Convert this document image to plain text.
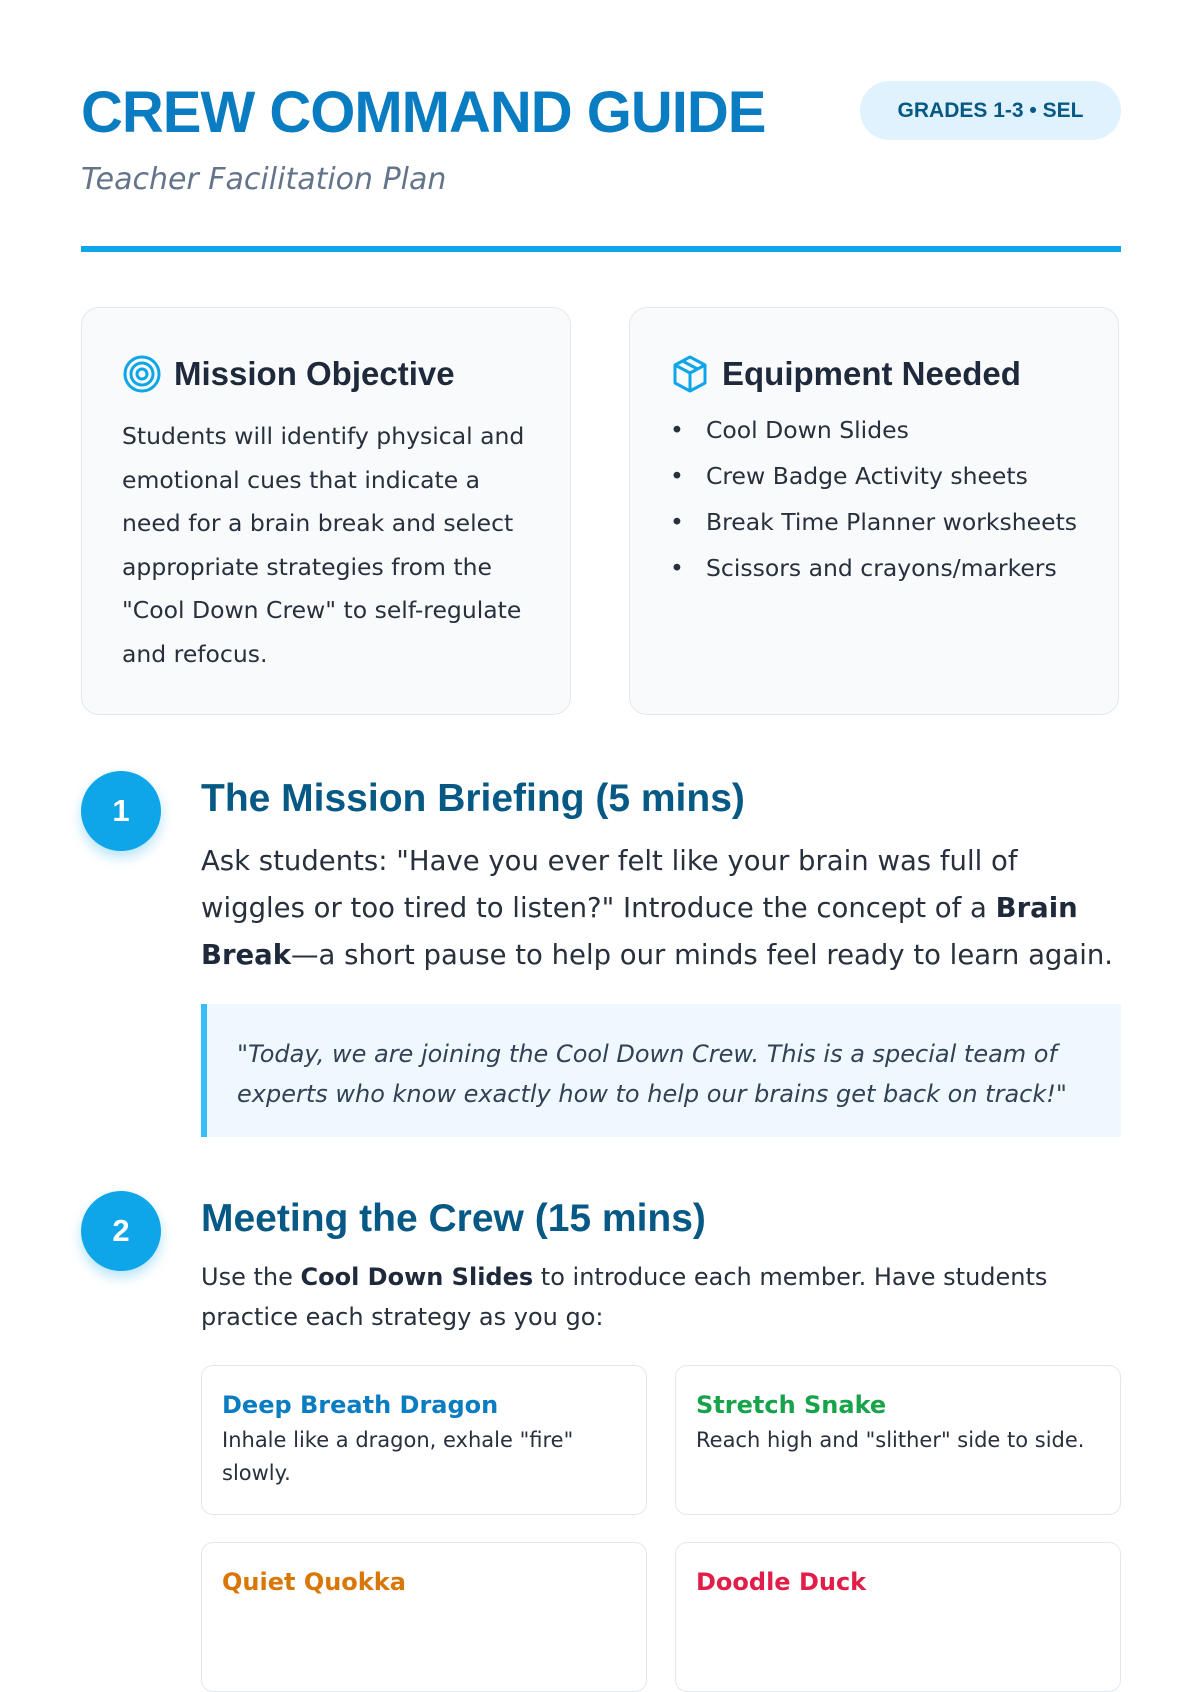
CREW COMMAND GUIDE
Teacher Facilitation Plan
GRADES 1-3 • SEL
Mission Objective
Students will identify physical and emotional cues that indicate a need for a brain break and select appropriate strategies from the "Cool Down Crew" to self-regulate and refocus.
Equipment Needed
• Cool Down Slides
• Crew Badge Activity sheets
• Break Time Planner worksheets
• Scissors and crayons/markers
1	The Mission Briefing (5 mins)
Ask students: "Have you ever felt like your brain was full of wiggles or too tired to listen?" Introduce the concept of a Brain Break—a short pause to help our minds feel ready to learn again.
"Today, we are joining the Cool Down Crew. This is a special team of experts who know exactly how to help our brains get back on track!"
2	Meeting the Crew (15 mins)
Use the Cool Down Slides to introduce each member. Have students practice each strategy as you go:
Deep Breath Dragon
Inhale like a dragon, exhale "fire" slowly.
Stretch Snake
Reach high and "slither" side to side.
Quiet Quokka	Doodle Duck
